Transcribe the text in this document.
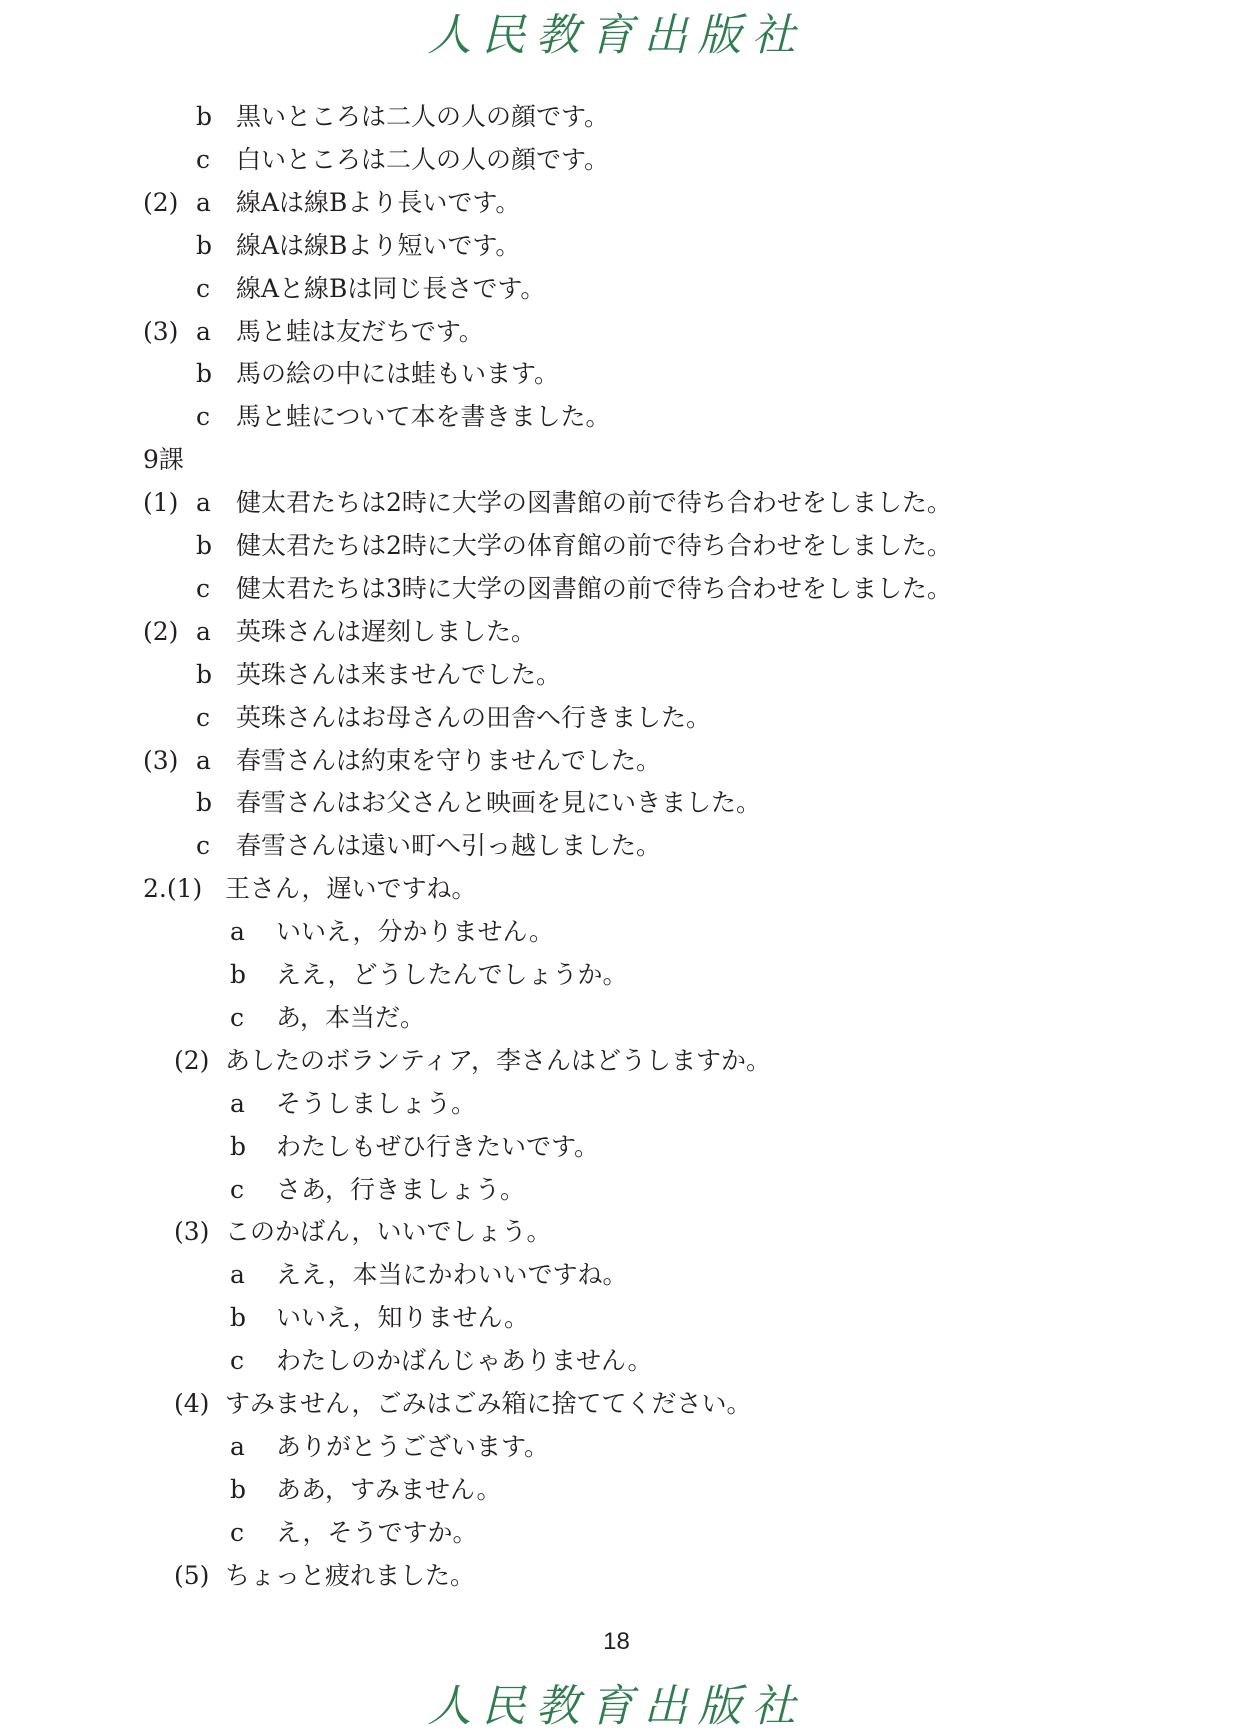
人民教育出版社
b 黒いところは二人の人の顔です。
c 白いところは二人の人の顔です。
(2) a 線Aは線Bより長いです。
b 線Aは線Bより短いです。
c 線Aと線Bは同じ長さです。
(3) a 馬と蛙は友だちです。
b 馬の絵の中には蛙もいます。
c 馬と蛙について本を書きました。
9課
(1) a 健太君たちは2時に大学の図書館の前で待ち合わせをしました。
b 健太君たちは2時に大学の体育館の前で待ち合わせをしました。
c 健太君たちは3時に大学の図書館の前で待ち合わせをしました。
(2) a 英珠さんは遅刻しました。
b 英珠さんは来ませんでした。
c 英珠さんはお母さんの田舎へ行きました。
(3) a 春雪さんは約束を守りませんでした。
b 春雪さんはお父さんと映画を見にいきました。
c 春雪さんは遠い町へ引っ越しました。
2.(1) 王さん，遅いですね。
a いいえ，分かりません。
b ええ，どうしたんでしょうか。
c あ，本当だ。
(2) あしたのボランティア，李さんはどうしますか。
a そうしましょう。
b わたしもぜひ行きたいです。
c さあ，行きましょう。
(3) このかばん，いいでしょう。
a ええ，本当にかわいいですね。
b いいえ，知りません。
c わたしのかばんじゃありません。
(4) すみません，ごみはごみ箱に捨ててください。
a ありがとうございます。
b ああ，すみません。
c え，そうですか。
(5) ちょっと疲れました。
18
人民教育出版社
